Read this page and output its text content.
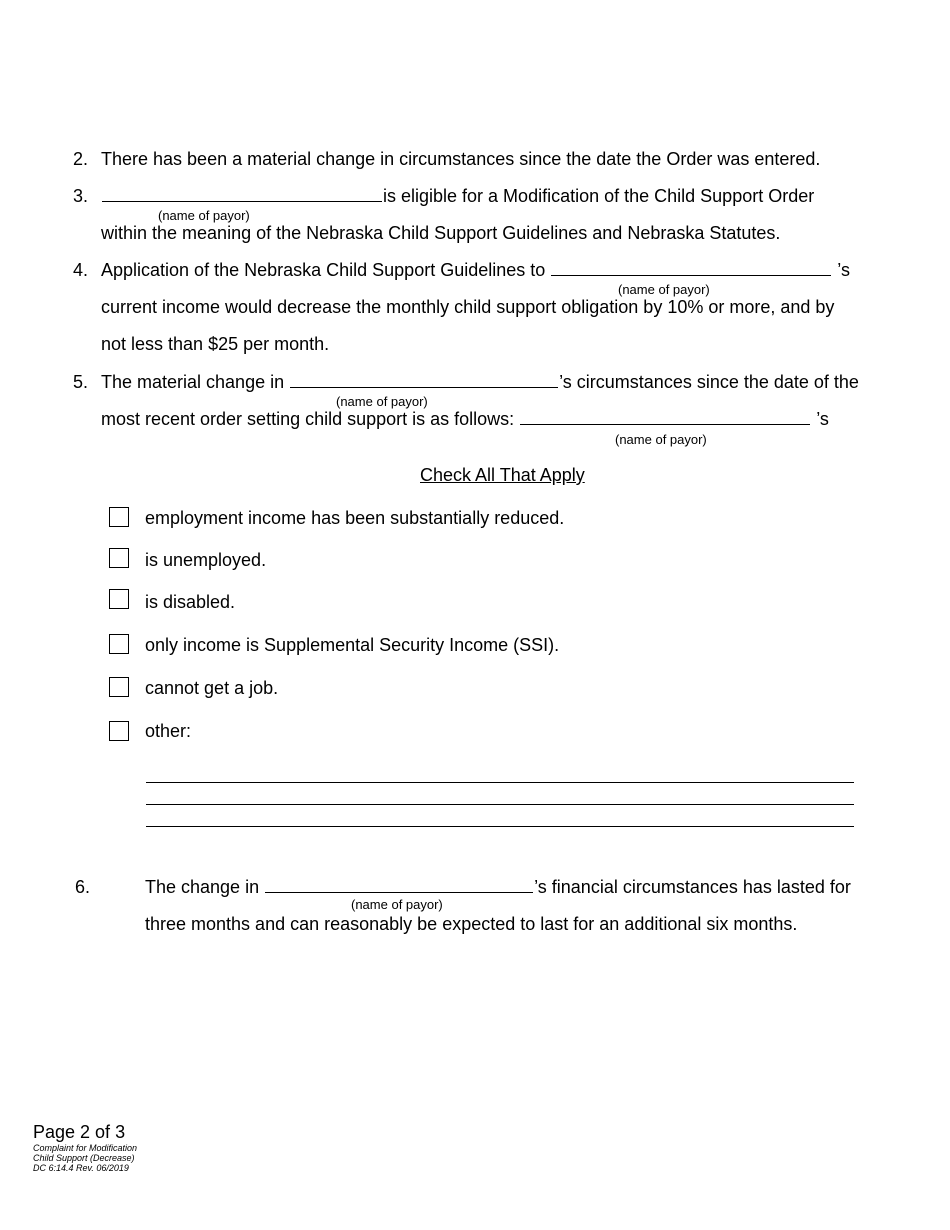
2. There has been a material change in circumstances since the date the Order was entered.
3.	is eligible for a Modification of the Child Support Order
(name of payor)
within the meaning of the Nebraska Child Support Guidelines and Nebraska Statutes.
4. Application of the Nebraska Child Support Guidelines to	’s
(name of payor)
current income would decrease the monthly child support obligation by 10% or more, and by
not less than $25 per month.
5. The material change in	’s circumstances since the date of the
(name of payor)
most recent order setting child support is as follows:	’s
(name of payor)
Check All That Apply
employment income has been substantially reduced.
is unemployed.
is disabled.
only income is Supplemental Security Income (SSI).
cannot get a job.
other:
6.	The change in	’s financial circumstances has lasted for
(name of payor)
three months and can reasonably be expected to last for an additional six months.
Page 2 of 3
Complaint for Modification
Child Support (Decrease)
DC 6:14.4 Rev. 06/2019
